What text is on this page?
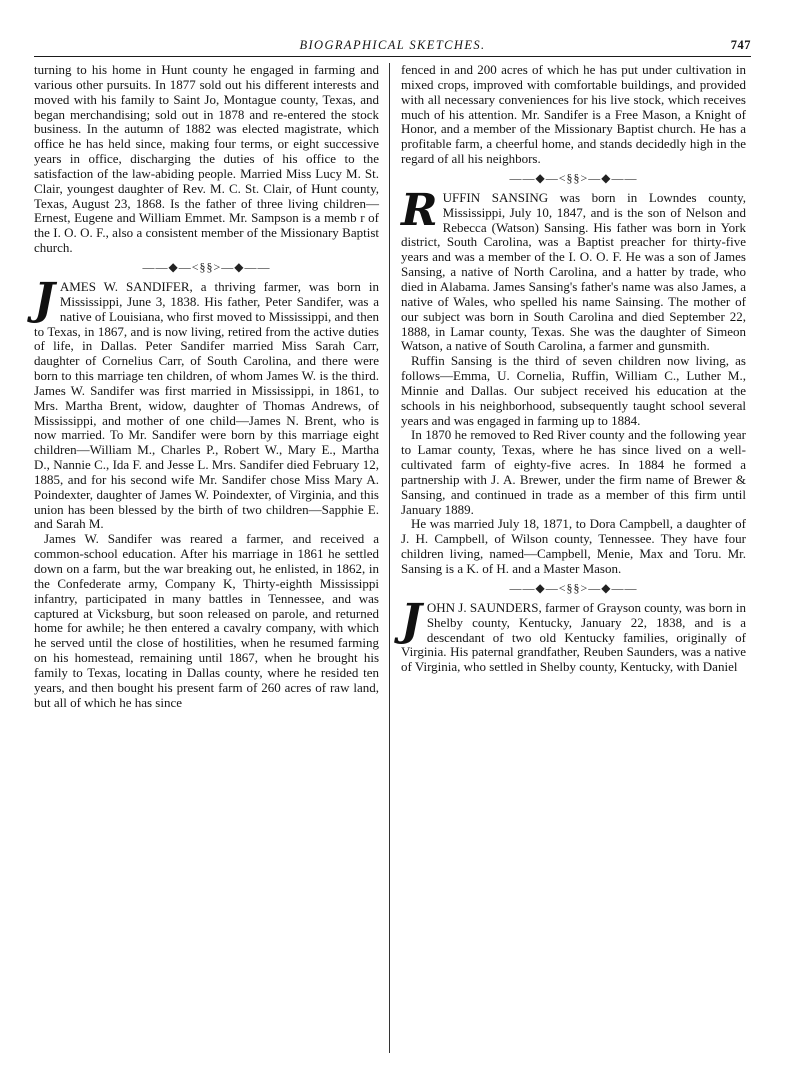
BIOGRAPHICAL SKETCHES.	747

turning to his home in Hunt county he engaged in farming and various other pursuits. In 1877 sold out his different interests and moved with his family to Saint Jo, Montague county, Texas, and began merchandising; sold out in 1878 and re-entered the stock business. In the autumn of 1882 was elected magistrate, which office he has held since, making four terms, or eight successive years in office, discharging the duties of his office to the satisfaction of the law-abiding people. Married Miss Lucy M. St. Clair, youngest daughter of Rev. M. C. St. Clair, of Hunt county, Texas, August 23, 1868. Is the father of three living children—Ernest, Eugene and William Emmet. Mr. Sampson is a memb r of the I. O. O. F., also a consistent member of the Missionary Baptist church.

——◆—<§§>—◆——

JAMES W. SANDIFER, a thriving farmer, was born in Mississippi, June 3, 1838. His father, Peter Sandifer, was a native of Louisiana, who first moved to Mississippi, and then to Texas, in 1867, and is now living, retired from the active duties of life, in Dallas. Peter Sandifer married Miss Sarah Carr, daughter of Cornelius Carr, of South Carolina, and there were born to this marriage ten children, of whom James W. is the third. James W. Sandifer was first married in Mississippi, in 1861, to Mrs. Martha Brent, widow, daughter of Thomas Andrews, of Mississippi, and mother of one child—James N. Brent, who is now married. To Mr. Sandifer were born by this marriage eight children—William M., Charles P., Robert W., Mary E., Martha D., Nannie C., Ida F. and Jesse L. Mrs. Sandifer died February 12, 1885, and for his second wife Mr. Sandifer chose Miss Mary A. Poindexter, daughter of James W. Poindexter, of Virginia, and this union has been blessed by the birth of two children—Sapphie E. and Sarah M.

James W. Sandifer was reared a farmer, and received a common-school education. After his marriage in 1861 he settled down on a farm, but the war breaking out, he enlisted, in 1862, in the Confederate army, Company K, Thirty-eighth Mississippi infantry, participated in many battles in Tennessee, and was captured at Vicksburg, but soon released on parole, and returned home for awhile; he then entered a cavalry company, with which he served until the close of hostilities, when he resumed farming on his homestead, remaining until 1867, when he brought his family to Texas, locating in Dallas county, where he resided ten years, and then bought his present farm of 260 acres of raw land, but all of which he has since

fenced in and 200 acres of which he has put under cultivation in mixed crops, improved with comfortable buildings, and provided with all necessary conveniences for his live stock, which receives much of his attention. Mr. Sandifer is a Free Mason, a Knight of Honor, and a member of the Missionary Baptist church. He has a profitable farm, a cheerful home, and stands decidedly high in the regard of all his neighbors.

——◆—<§§>—◆——

RUFFIN SANSING was born in Lowndes county, Mississippi, July 10, 1847, and is the son of Nelson and Rebecca (Watson) Sansing. His father was born in York district, South Carolina, was a Baptist preacher for thirty-five years and was a member of the I. O. O. F. He was a son of James Sansing, a native of North Carolina, and a hatter by trade, who died in Alabama. James Sansing's father's name was also James, a native of Wales, who spelled his name Sainsing. The mother of our subject was born in South Carolina and died September 22, 1888, in Lamar county, Texas. She was the daughter of Simeon Watson, a native of South Carolina, a farmer and gunsmith.

Ruffin Sansing is the third of seven children now living, as follows—Emma, U. Cornelia, Ruffin, William C., Luther M., Minnie and Dallas. Our subject received his education at the schools in his neighborhood, subsequently taught school several years and was engaged in farming up to 1884.

In 1870 he removed to Red River county and the following year to Lamar county, Texas, where he has since lived on a well-cultivated farm of eighty-five acres. In 1884 he formed a partnership with J. A. Brewer, under the firm name of Brewer & Sansing, and continued in trade as a member of this firm until January 1889.

He was married July 18, 1871, to Dora Campbell, a daughter of J. H. Campbell, of Wilson county, Tennessee. They have four children living, named—Campbell, Menie, Max and Toru. Mr. Sansing is a K. of H. and a Master Mason.

——◆—<§§>—◆——

JOHN J. SAUNDERS, farmer of Grayson county, was born in Shelby county, Kentucky, January 22, 1838, and is a descendant of two old Kentucky families, originally of Virginia. His paternal grandfather, Reuben Saunders, was a native of Virginia, who settled in Shelby county, Kentucky, with Daniel
